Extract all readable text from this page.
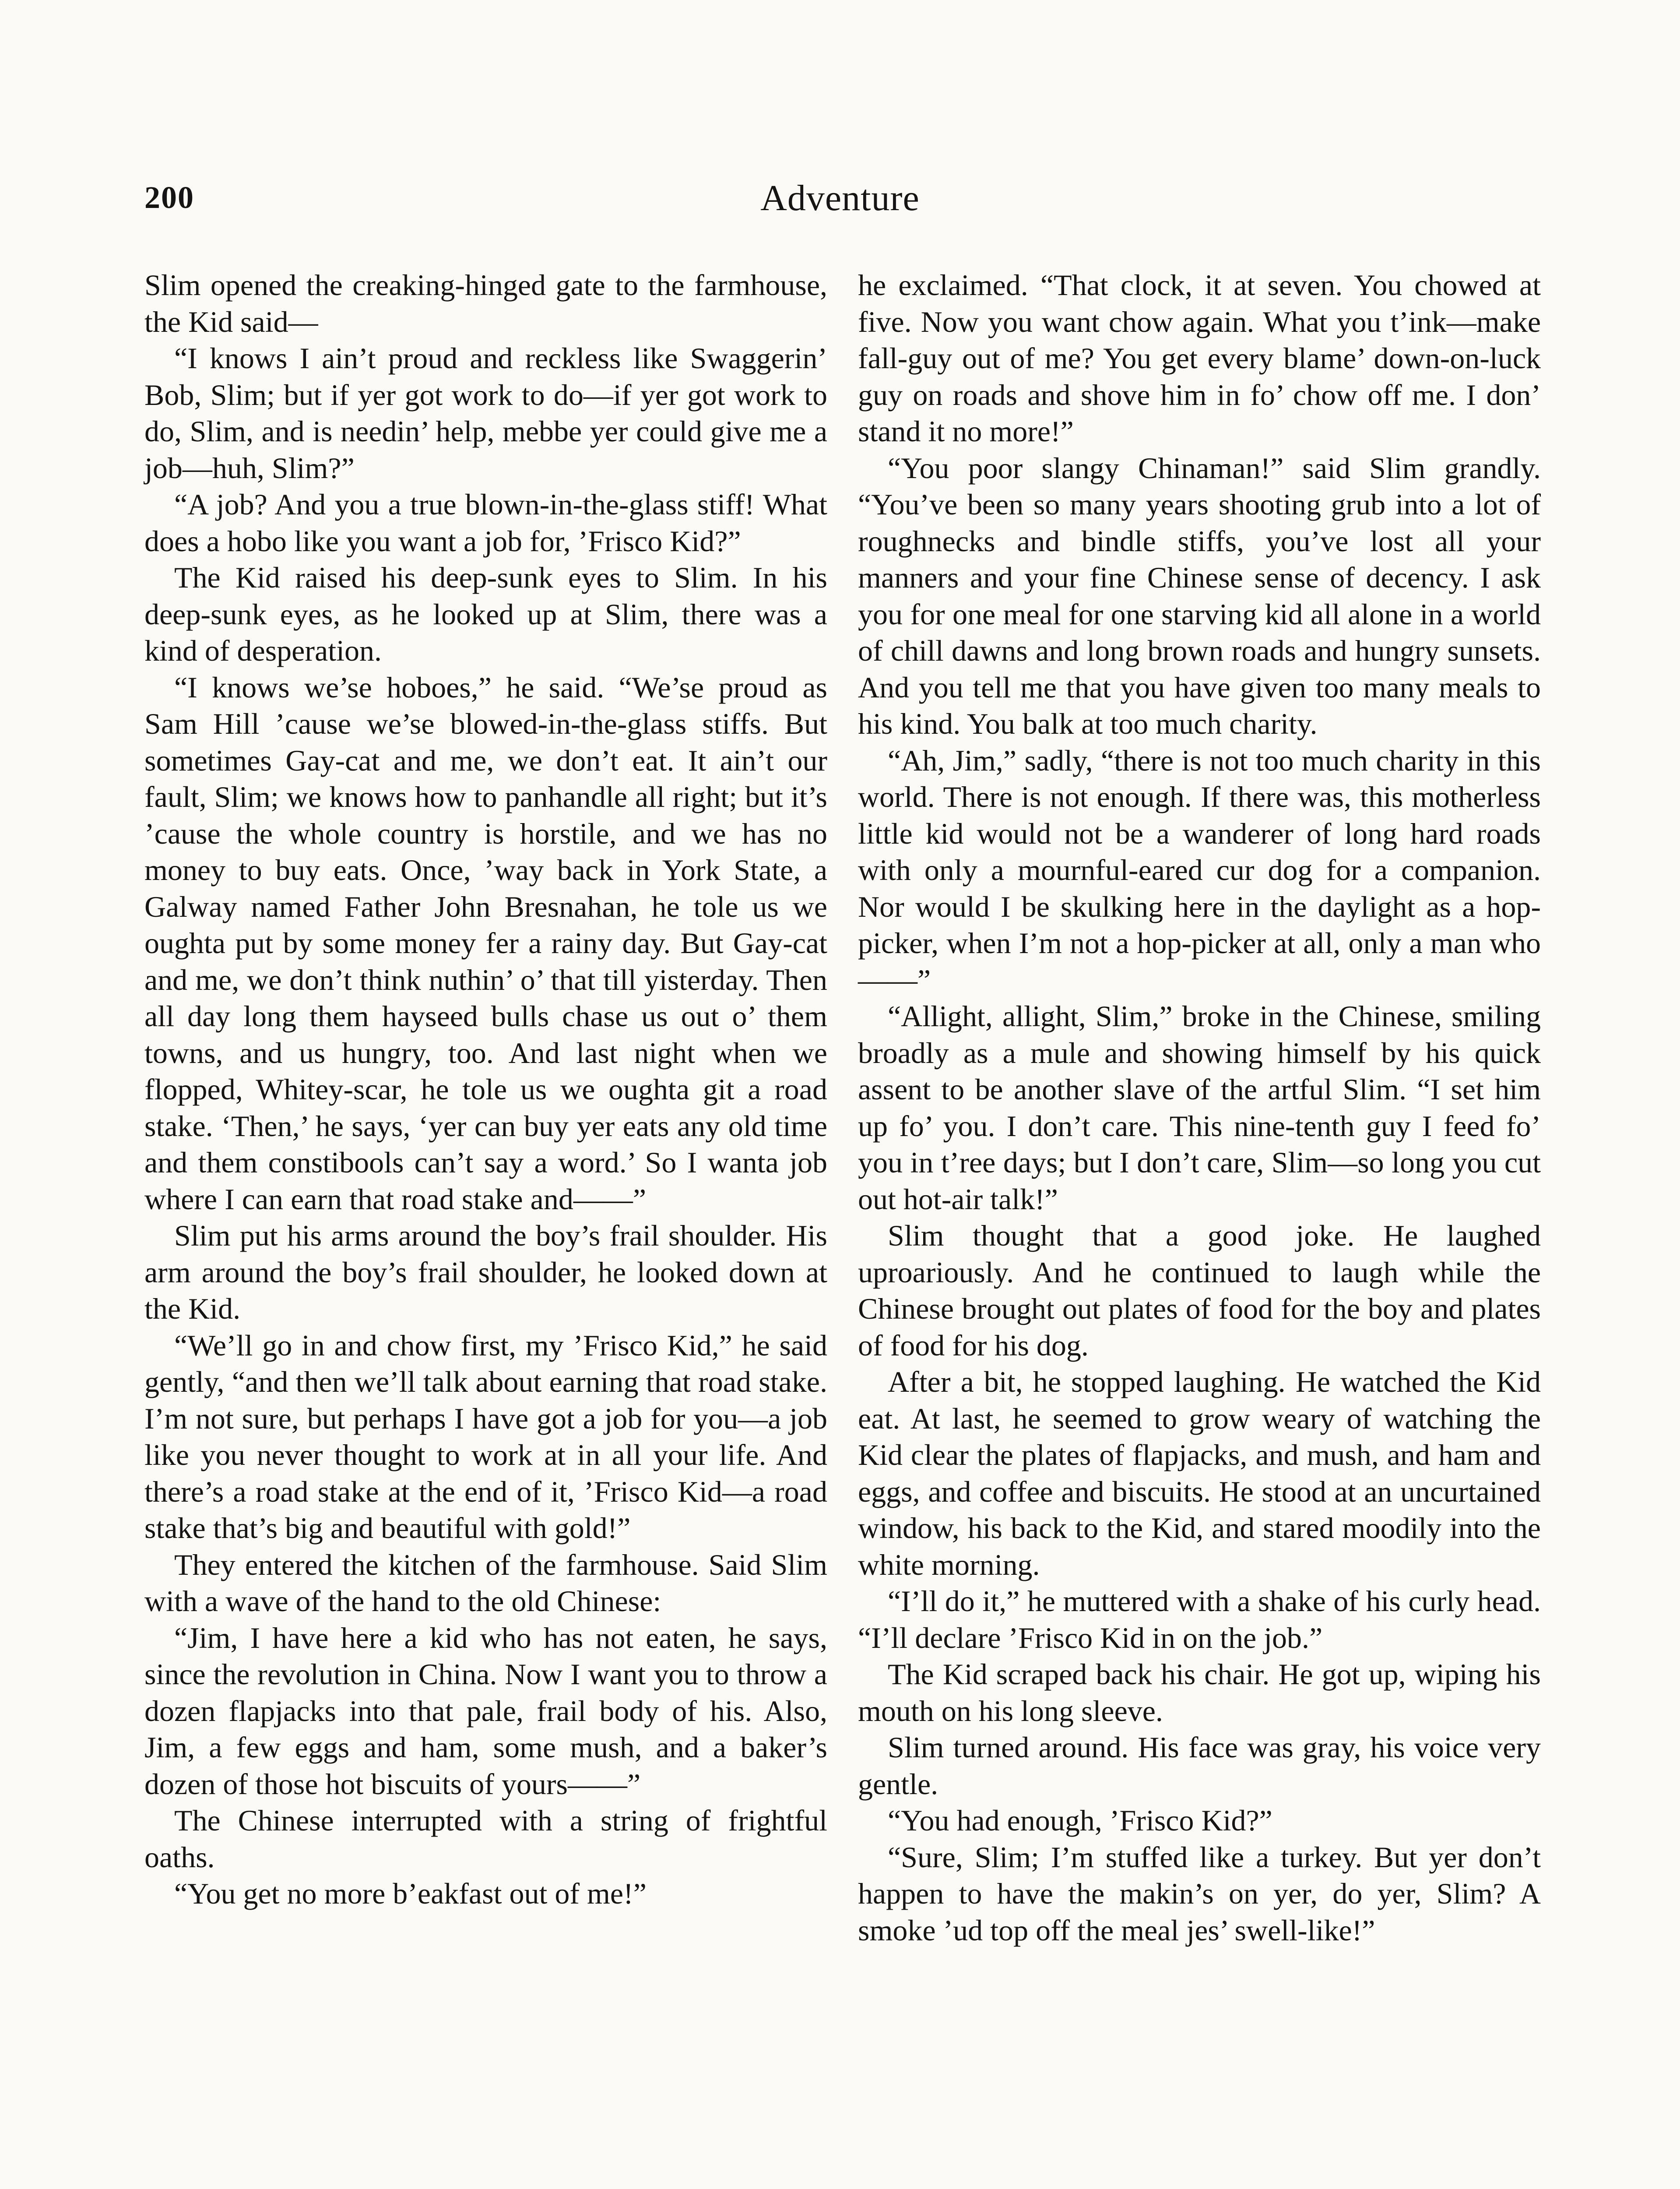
200	Adventure

Slim opened the creaking-hinged gate to the farmhouse, the Kid said—

“I knows I ain’t proud and reckless like Swaggerin’ Bob, Slim; but if yer got work to do—if yer got work to do, Slim, and is needin’ help, mebbe yer could give me a job—huh, Slim?”

“A job? And you a true blown-in-the-glass stiff! What does a hobo like you want a job for, ’Frisco Kid?”

The Kid raised his deep-sunk eyes to Slim. In his deep-sunk eyes, as he looked up at Slim, there was a kind of desperation.

“I knows we’se hoboes,” he said. “We’se proud as Sam Hill ’cause we’se blowed-in-the-glass stiffs. But sometimes Gay-cat and me, we don’t eat. It ain’t our fault, Slim; we knows how to panhandle all right; but it’s ’cause the whole country is horstile, and we has no money to buy eats. Once, ’way back in York State, a Galway named Father John Bresnahan, he tole us we oughta put by some money fer a rainy day. But Gay-cat and me, we don’t think nuthin’ o’ that till yisterday. Then all day long them hayseed bulls chase us out o’ them towns, and us hungry, too. And last night when we flopped, Whitey-scar, he tole us we oughta git a road stake. ‘Then,’ he says, ‘yer can buy yer eats any old time and them constibools can’t say a word.’ So I wanta job where I can earn that road stake and——”

Slim put his arms around the boy’s frail shoulder. His arm around the boy’s frail shoulder, he looked down at the Kid.

“We’ll go in and chow first, my ’Frisco Kid,” he said gently, “and then we’ll talk about earning that road stake. I’m not sure, but perhaps I have got a job for you—a job like you never thought to work at in all your life. And there’s a road stake at the end of it, ’Frisco Kid—a road stake that’s big and beautiful with gold!”

They entered the kitchen of the farmhouse. Said Slim with a wave of the hand to the old Chinese:

“Jim, I have here a kid who has not eaten, he says, since the revolution in China. Now I want you to throw a dozen flapjacks into that pale, frail body of his. Also, Jim, a few eggs and ham, some mush, and a baker’s dozen of those hot biscuits of yours——”

The Chinese interrupted with a string of frightful oaths.

“You get no more b’eakfast out of me!”

he exclaimed. “That clock, it at seven. You chowed at five. Now you want chow again. What you t’ink—make fall-guy out of me? You get every blame’ down-on-luck guy on roads and shove him in fo’ chow off me. I don’ stand it no more!”

“You poor slangy Chinaman!” said Slim grandly. “You’ve been so many years shooting grub into a lot of roughnecks and bindle stiffs, you’ve lost all your manners and your fine Chinese sense of decency. I ask you for one meal for one starving kid all alone in a world of chill dawns and long brown roads and hungry sunsets. And you tell me that you have given too many meals to his kind. You balk at too much charity.

“Ah, Jim,” sadly, “there is not too much charity in this world. There is not enough. If there was, this motherless little kid would not be a wanderer of long hard roads with only a mournful-eared cur dog for a companion. Nor would I be skulking here in the daylight as a hop-picker, when I’m not a hop-picker at all, only a man who——”

“Allight, allight, Slim,” broke in the Chinese, smiling broadly as a mule and showing himself by his quick assent to be another slave of the artful Slim. “I set him up fo’ you. I don’t care. This nine-tenth guy I feed fo’ you in t’ree days; but I don’t care, Slim—so long you cut out hot-air talk!”

Slim thought that a good joke. He laughed uproariously. And he continued to laugh while the Chinese brought out plates of food for the boy and plates of food for his dog.

After a bit, he stopped laughing. He watched the Kid eat. At last, he seemed to grow weary of watching the Kid clear the plates of flapjacks, and mush, and ham and eggs, and coffee and biscuits. He stood at an uncurtained window, his back to the Kid, and stared moodily into the white morning.

“I’ll do it,” he muttered with a shake of his curly head. “I’ll declare ’Frisco Kid in on the job.”

The Kid scraped back his chair. He got up, wiping his mouth on his long sleeve.

Slim turned around. His face was gray, his voice very gentle.

“You had enough, ’Frisco Kid?”

“Sure, Slim; I’m stuffed like a turkey. But yer don’t happen to have the makin’s on yer, do yer, Slim? A smoke ’ud top off the meal jes’ swell-like!”
